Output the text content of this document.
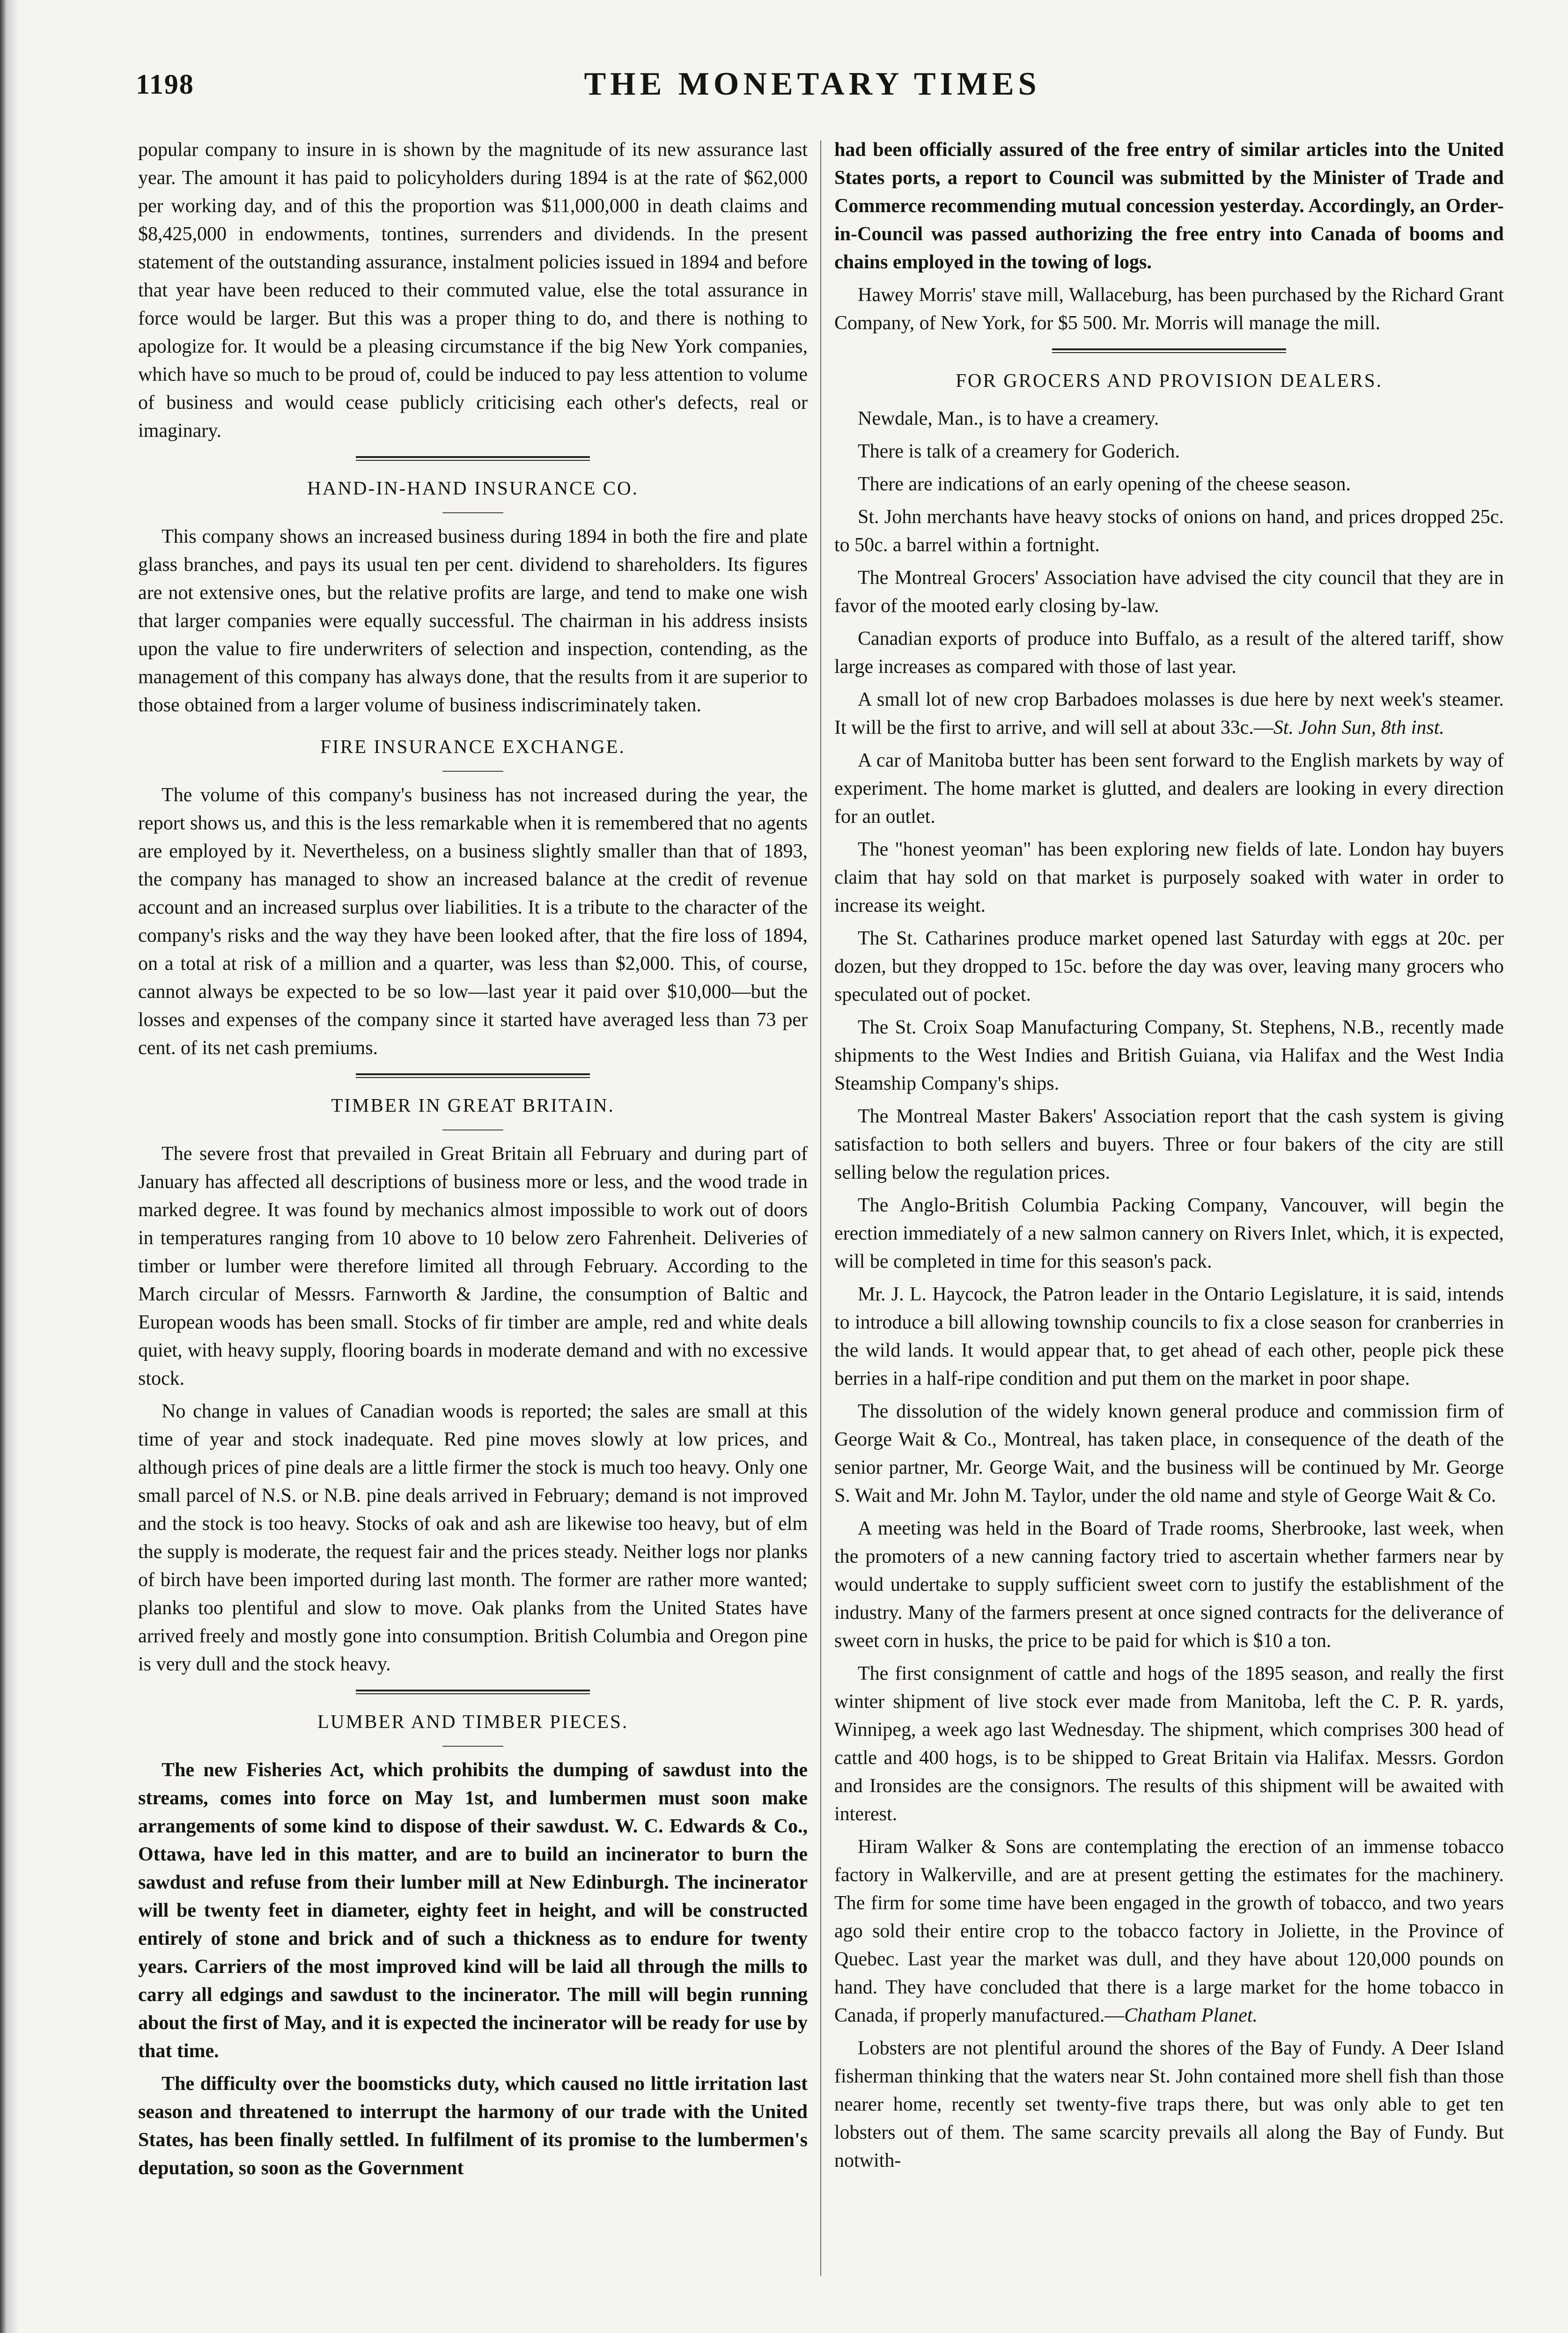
1198	THE MONETARY TIMES

popular company to insure in is shown by the magnitude of its new assurance last year. The amount it has paid to policyholders during 1894 is at the rate of $62,000 per working day, and of this the proportion was $11,000,000 in death claims and $8,425,000 in endowments, tontines, surrenders and dividends. In the present statement of the outstanding assurance, instalment policies issued in 1894 and before that year have been reduced to their commuted value, else the total assurance in force would be larger. But this was a proper thing to do, and there is nothing to apologize for. It would be a pleasing circumstance if the big New York companies, which have so much to be proud of, could be induced to pay less attention to volume of business and would cease publicly criticising each other's defects, real or imaginary.

HAND-IN-HAND INSURANCE CO.

This company shows an increased business during 1894 in both the fire and plate glass branches, and pays its usual ten per cent. dividend to shareholders. Its figures are not extensive ones, but the relative profits are large, and tend to make one wish that larger companies were equally successful. The chairman in his address insists upon the value to fire underwriters of selection and inspection, contending, as the management of this company has always done, that the results from it are superior to those obtained from a larger volume of business indiscriminately taken.

FIRE INSURANCE EXCHANGE.

The volume of this company's business has not increased during the year, the report shows us, and this is the less remarkable when it is remembered that no agents are employed by it. Nevertheless, on a business slightly smaller than that of 1893, the company has managed to show an increased balance at the credit of revenue account and an increased surplus over liabilities. It is a tribute to the character of the company's risks and the way they have been looked after, that the fire loss of 1894, on a total at risk of a million and a quarter, was less than $2,000. This, of course, cannot always be expected to be so low—last year it paid over $10,000—but the losses and expenses of the company since it started have averaged less than 73 per cent. of its net cash premiums.

TIMBER IN GREAT BRITAIN.

The severe frost that prevailed in Great Britain all February and during part of January has affected all descriptions of business more or less, and the wood trade in marked degree. It was found by mechanics almost impossible to work out of doors in temperatures ranging from 10 above to 10 below zero Fahrenheit. Deliveries of timber or lumber were therefore limited all through February. According to the March circular of Messrs. Farnworth & Jardine, the consumption of Baltic and European woods has been small. Stocks of fir timber are ample, red and white deals quiet, with heavy supply, flooring boards in moderate demand and with no excessive stock.

No change in values of Canadian woods is reported; the sales are small at this time of year and stock inadequate. Red pine moves slowly at low prices, and although prices of pine deals are a little firmer the stock is much too heavy. Only one small parcel of N.S. or N.B. pine deals arrived in February; demand is not improved and the stock is too heavy. Stocks of oak and ash are likewise too heavy, but of elm the supply is moderate, the request fair and the prices steady. Neither logs nor planks of birch have been imported during last month. The former are rather more wanted; planks too plentiful and slow to move. Oak planks from the United States have arrived freely and mostly gone into consumption. British Columbia and Oregon pine is very dull and the stock heavy.

LUMBER AND TIMBER PIECES.

The new Fisheries Act, which prohibits the dumping of sawdust into the streams, comes into force on May 1st, and lumbermen must soon make arrangements of some kind to dispose of their sawdust. W. C. Edwards & Co., Ottawa, have led in this matter, and are to build an incinerator to burn the sawdust and refuse from their lumber mill at New Edinburgh. The incinerator will be twenty feet in diameter, eighty feet in height, and will be constructed entirely of stone and brick and of such a thickness as to endure for twenty years. Carriers of the most improved kind will be laid all through the mills to carry all edgings and sawdust to the incinerator. The mill will begin running about the first of May, and it is expected the incinerator will be ready for use by that time.

The difficulty over the boomsticks duty, which caused no little irritation last season and threatened to interrupt the harmony of our trade with the United States, has been finally settled. In fulfilment of its promise to the lumbermen's deputation, so soon as the Government

had been officially assured of the free entry of similar articles into the United States ports, a report to Council was submitted by the Minister of Trade and Commerce recommending mutual concession yesterday. Accordingly, an Order-in-Council was passed authorizing the free entry into Canada of booms and chains employed in the towing of logs.

Hawey Morris' stave mill, Wallaceburg, has been purchased by the Richard Grant Company, of New York, for $5 500. Mr. Morris will manage the mill.

FOR GROCERS AND PROVISION DEALERS.

Newdale, Man., is to have a creamery.

There is talk of a creamery for Goderich.

There are indications of an early opening of the cheese season.

St. John merchants have heavy stocks of onions on hand, and prices dropped 25c. to 50c. a barrel within a fortnight.

The Montreal Grocers' Association have advised the city council that they are in favor of the mooted early closing by-law.

Canadian exports of produce into Buffalo, as a result of the altered tariff, show large increases as compared with those of last year.

A small lot of new crop Barbadoes molasses is due here by next week's steamer. It will be the first to arrive, and will sell at about 33c.—St. John Sun, 8th inst.

A car of Manitoba butter has been sent forward to the English markets by way of experiment. The home market is glutted, and dealers are looking in every direction for an outlet.

The "honest yeoman" has been exploring new fields of late. London hay buyers claim that hay sold on that market is purposely soaked with water in order to increase its weight.

The St. Catharines produce market opened last Saturday with eggs at 20c. per dozen, but they dropped to 15c. before the day was over, leaving many grocers who speculated out of pocket.

The St. Croix Soap Manufacturing Company, St. Stephens, N.B., recently made shipments to the West Indies and British Guiana, via Halifax and the West India Steamship Company's ships.

The Montreal Master Bakers' Association report that the cash system is giving satisfaction to both sellers and buyers. Three or four bakers of the city are still selling below the regulation prices.

The Anglo-British Columbia Packing Company, Vancouver, will begin the erection immediately of a new salmon cannery on Rivers Inlet, which, it is expected, will be completed in time for this season's pack.

Mr. J. L. Haycock, the Patron leader in the Ontario Legislature, it is said, intends to introduce a bill allowing township councils to fix a close season for cranberries in the wild lands. It would appear that, to get ahead of each other, people pick these berries in a half-ripe condition and put them on the market in poor shape.

The dissolution of the widely known general produce and commission firm of George Wait & Co., Montreal, has taken place, in consequence of the death of the senior partner, Mr. George Wait, and the business will be continued by Mr. George S. Wait and Mr. John M. Taylor, under the old name and style of George Wait & Co.

A meeting was held in the Board of Trade rooms, Sherbrooke, last week, when the promoters of a new canning factory tried to ascertain whether farmers near by would undertake to supply sufficient sweet corn to justify the establishment of the industry. Many of the farmers present at once signed contracts for the deliverance of sweet corn in husks, the price to be paid for which is $10 a ton.

The first consignment of cattle and hogs of the 1895 season, and really the first winter shipment of live stock ever made from Manitoba, left the C. P. R. yards, Winnipeg, a week ago last Wednesday. The shipment, which comprises 300 head of cattle and 400 hogs, is to be shipped to Great Britain via Halifax. Messrs. Gordon and Ironsides are the consignors. The results of this shipment will be awaited with interest.

Hiram Walker & Sons are contemplating the erection of an immense tobacco factory in Walkerville, and are at present getting the estimates for the machinery. The firm for some time have been engaged in the growth of tobacco, and two years ago sold their entire crop to the tobacco factory in Joliette, in the Province of Quebec. Last year the market was dull, and they have about 120,000 pounds on hand. They have concluded that there is a large market for the home tobacco in Canada, if properly manufactured.—Chatham Planet.

Lobsters are not plentiful around the shores of the Bay of Fundy. A Deer Island fisherman thinking that the waters near St. John contained more shell fish than those nearer home, recently set twenty-five traps there, but was only able to get ten lobsters out of them. The same scarcity prevails all along the Bay of Fundy. But notwith-
